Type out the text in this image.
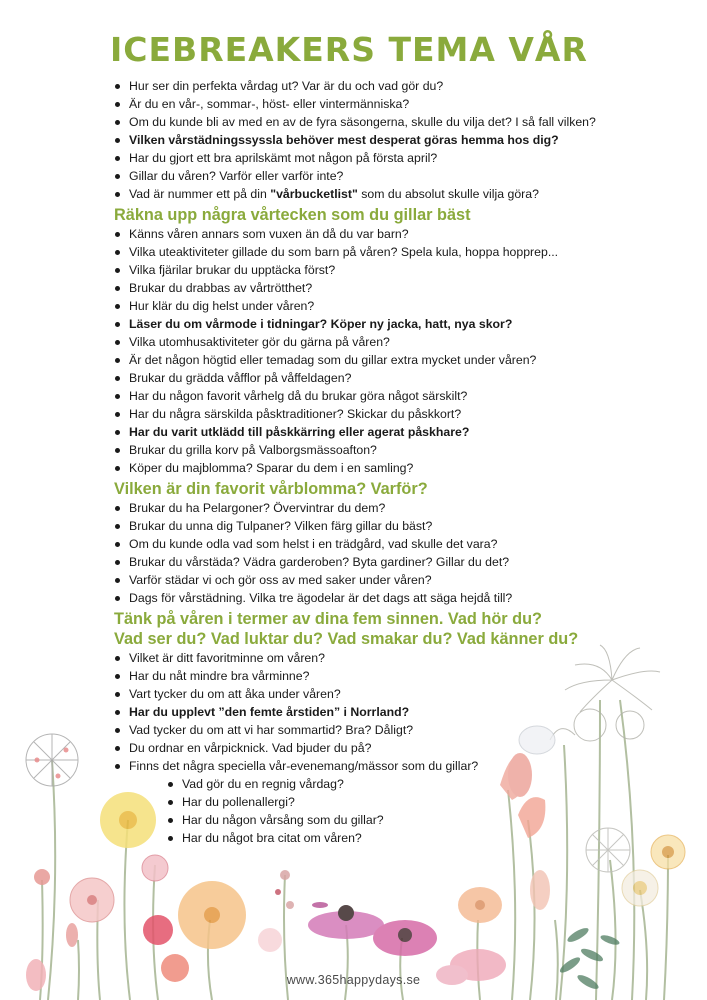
ICEBREAKERS TEMA VÅR
Hur ser din perfekta vårdag ut? Var är du och vad gör du?
Är du en vår-, sommar-, höst- eller vintermänniska?
Om du kunde bli av med en av de fyra säsongerna, skulle du vilja det? I så fall vilken?
Vilken vårstädningssyssla behöver mest desperat göras hemma hos dig?
Har du gjort ett bra aprilskämt mot någon på första april?
Gillar du våren? Varför eller varför inte?
Vad är nummer ett på din "vårbucketlist" som du absolut skulle vilja göra?
Räkna upp några vårtecken som du gillar bäst
Känns våren annars som vuxen än då du var barn?
Vilka uteaktiviteter gillade du som barn på våren? Spela kula, hoppa hopprep...
Vilka fjärilar brukar du upptäcka först?
Brukar du drabbas av vårtrötthet?
Hur klär du dig helst under våren?
Läser du om vårmode i tidningar? Köper ny jacka, hatt, nya skor?
Vilka utomhusaktiviteter gör du gärna på våren?
Är det någon högtid eller temadag som du gillar extra mycket under våren?
Brukar du grädda våfflor på våffeldagen?
Har du någon favorit vårhelg då du brukar göra något särskilt?
Har du några särskilda påsktraditioner? Skickar du påskkort?
Har du varit utklädd till påskkärring eller agerat påskhare?
Brukar du grilla korv på Valborgsmässoafton?
Köper du majblomma? Sparar du dem i en samling?
Vilken är din favorit vårblomma? Varför?
Brukar du ha Pelargoner? Övervintrar du dem?
Brukar du unna dig Tulpaner? Vilken färg gillar du bäst?
Om du kunde odla vad som helst i en trädgård, vad skulle det vara?
Brukar du vårstäda? Vädra garderoben? Byta gardiner? Gillar du det?
Varför städar vi och gör oss av med saker under våren?
Dags för vårstädning. Vilka tre ägodelar är det dags att säga hejdå till?
Tänk på våren i termer av dina fem sinnen. Vad hör du?
Vad ser du? Vad luktar du? Vad smakar du? Vad känner du?
Vilket är ditt favoritminne om våren?
Har du nåt mindre bra vårminne?
Vart tycker du om att åka under våren?
Har du upplevt ”den femte årstiden” i Norrland?
Vad tycker du om att vi har sommartid? Bra? Dåligt?
Du ordnar en vårpicknick. Vad bjuder du på?
Finns det några speciella vår-evenemang/mässor som du gillar?
Vad gör du en regnig vårdag?
Har du pollenallergi?
Har du någon vårsång som du gillar?
Har du något bra citat om våren?
www.365happydays.se
